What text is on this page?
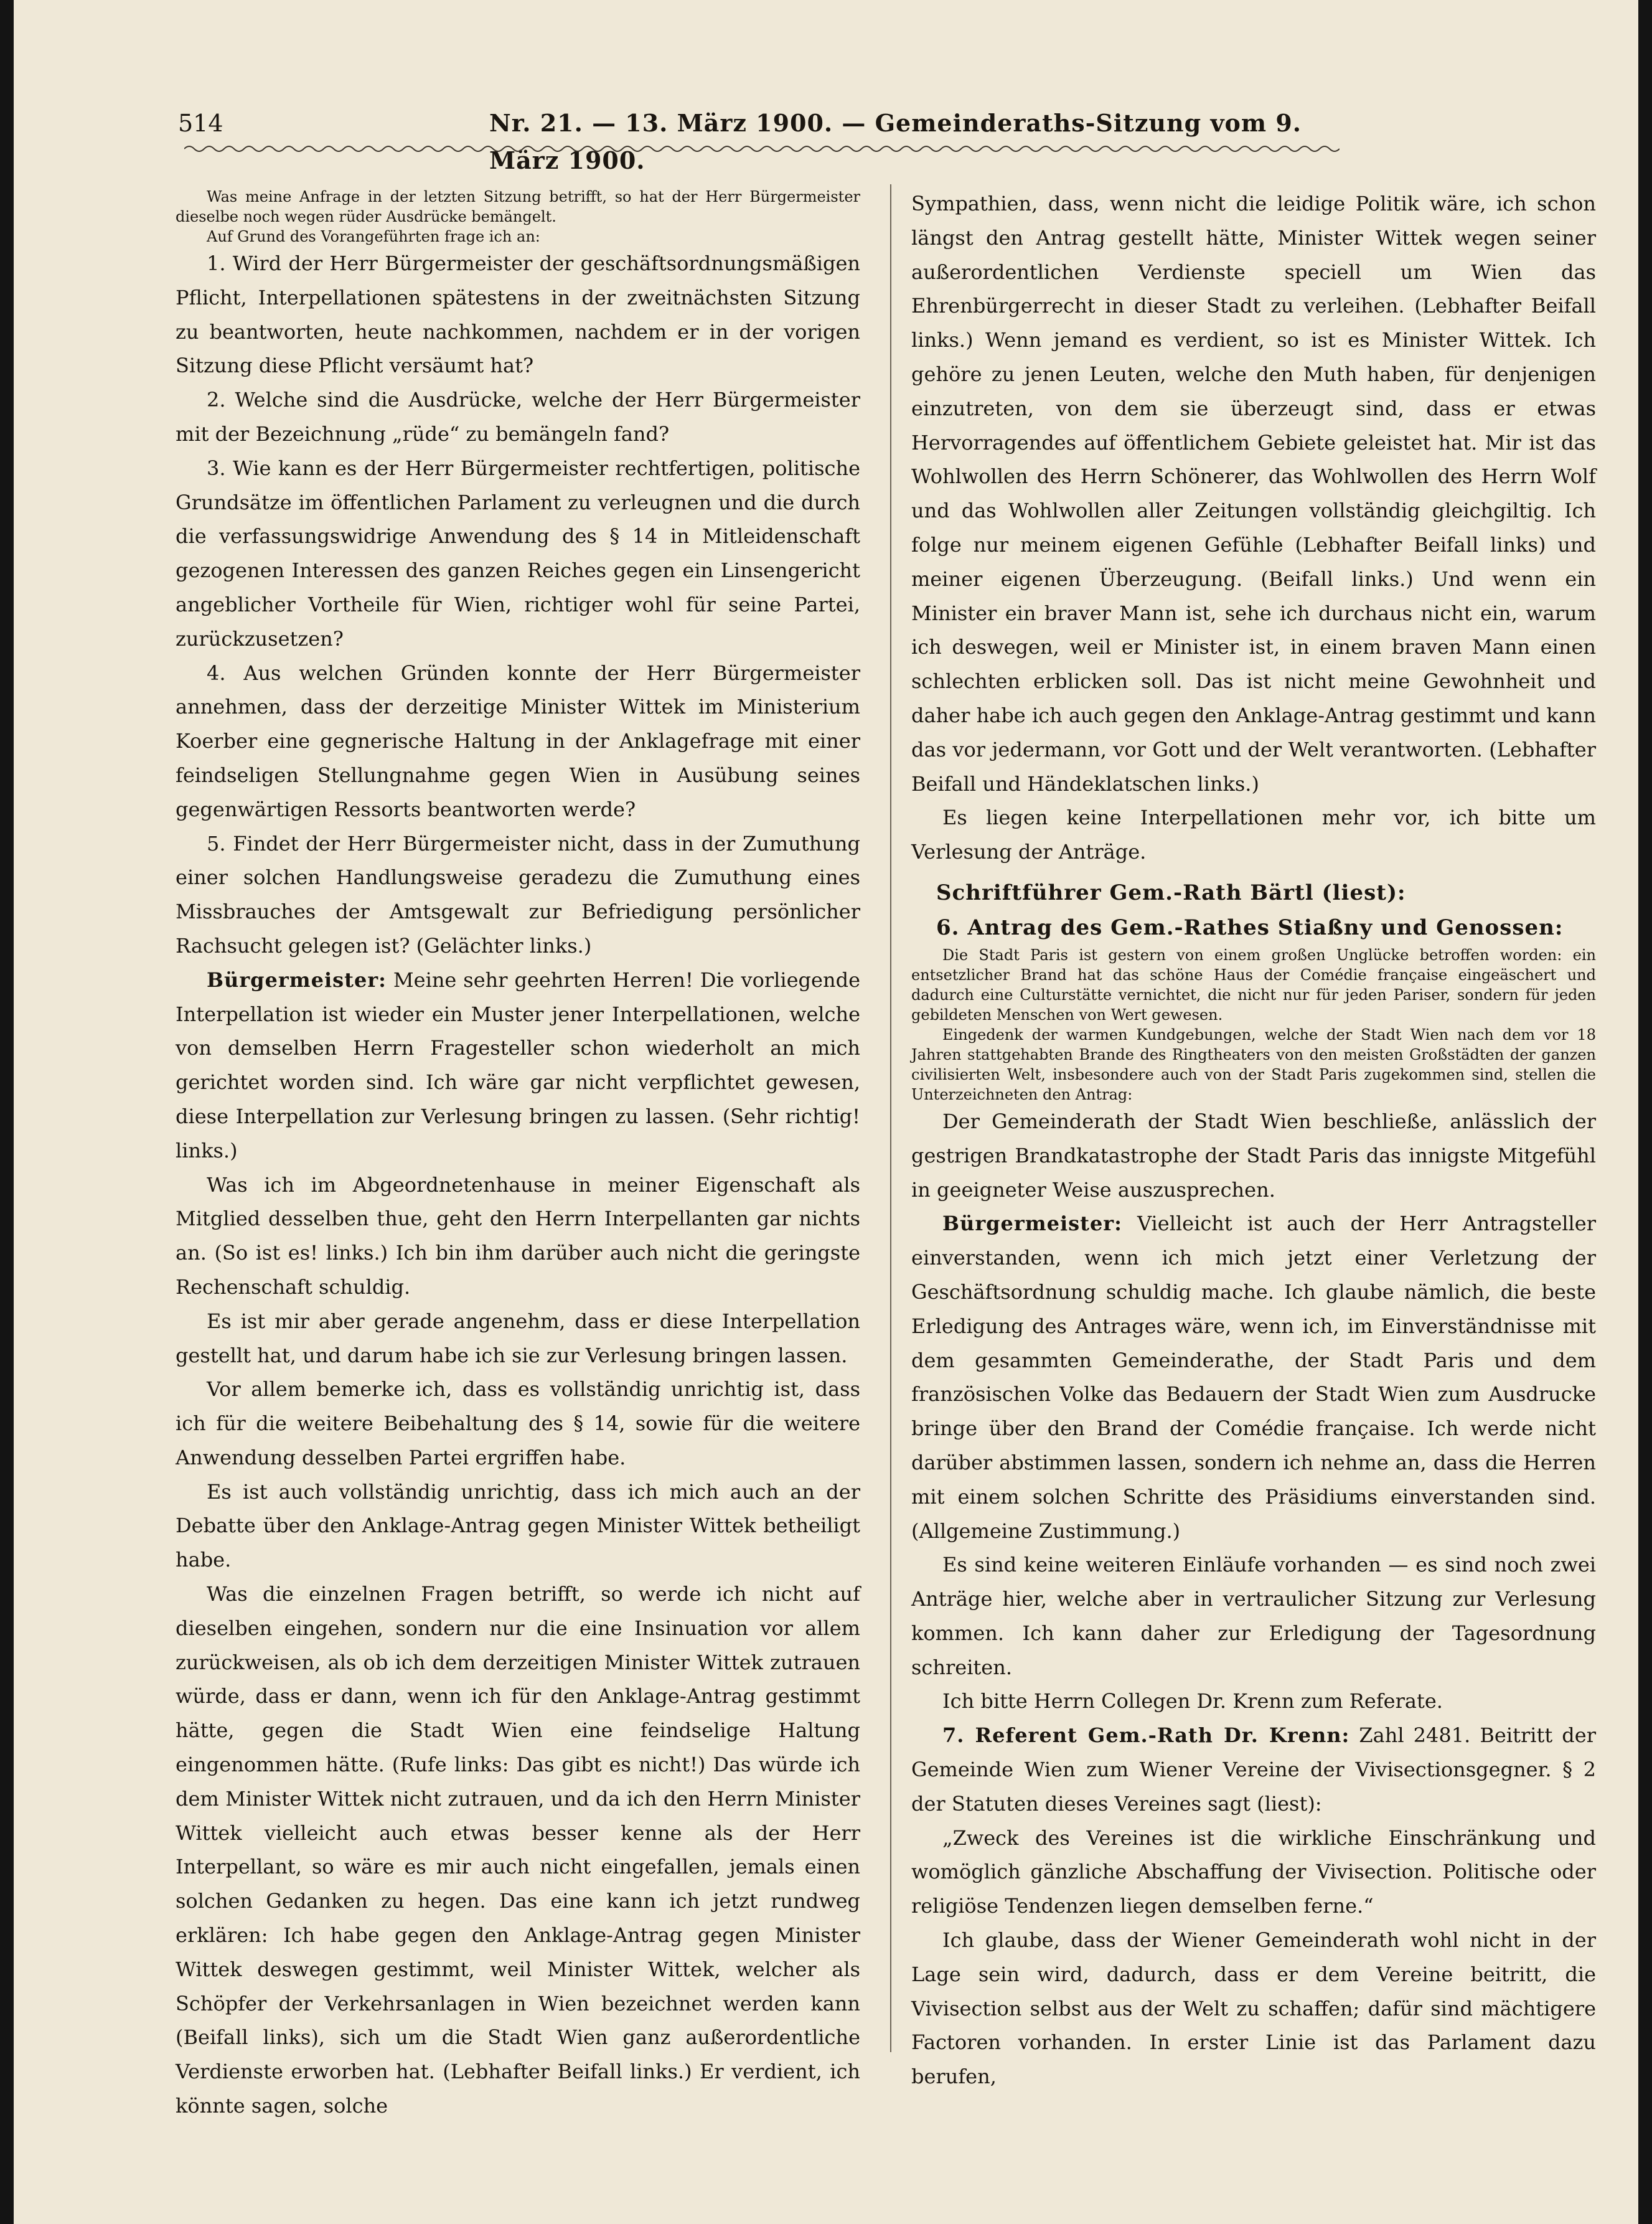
514	Nr. 21. — 13. März 1900. — Gemeinderaths-Sitzung vom 9. März 1900.

Was meine Anfrage in der letzten Sitzung betrifft, so hat der Herr Bürgermeister dieselbe noch wegen rüder Ausdrücke bemängelt.

Auf Grund des Vorangeführten frage ich an:

1. Wird der Herr Bürgermeister der geschäftsordnungsmäßigen Pflicht, Interpellationen spätestens in der zweitnächsten Sitzung zu beantworten, heute nachkommen, nachdem er in der vorigen Sitzung diese Pflicht versäumt hat?

2. Welche sind die Ausdrücke, welche der Herr Bürgermeister mit der Bezeichnung „rüde“ zu bemängeln fand?

3. Wie kann es der Herr Bürgermeister rechtfertigen, politische Grundsätze im öffentlichen Parlament zu verleugnen und die durch die verfassungswidrige Anwendung des § 14 in Mitleidenschaft gezogenen Interessen des ganzen Reiches gegen ein Linsengericht angeblicher Vortheile für Wien, richtiger wohl für seine Partei, zurückzusetzen?

4. Aus welchen Gründen konnte der Herr Bürgermeister annehmen, dass der derzeitige Minister Wittek im Ministerium Koerber eine gegnerische Haltung in der Anklagefrage mit einer feindseligen Stellungnahme gegen Wien in Ausübung seines gegenwärtigen Ressorts beantworten werde?

5. Findet der Herr Bürgermeister nicht, dass in der Zumuthung einer solchen Handlungsweise geradezu die Zumuthung eines Missbrauches der Amtsgewalt zur Befriedigung persönlicher Rachsucht gelegen ist? (Gelächter links.)

Bürgermeister: Meine sehr geehrten Herren! Die vorliegende Interpellation ist wieder ein Muster jener Interpellationen, welche von demselben Herrn Fragesteller schon wiederholt an mich gerichtet worden sind. Ich wäre gar nicht verpflichtet gewesen, diese Interpellation zur Verlesung bringen zu lassen. (Sehr richtig! links.)

Was ich im Abgeordnetenhause in meiner Eigenschaft als Mitglied desselben thue, geht den Herrn Interpellanten gar nichts an. (So ist es! links.) Ich bin ihm darüber auch nicht die geringste Rechenschaft schuldig.

Es ist mir aber gerade angenehm, dass er diese Interpellation gestellt hat, und darum habe ich sie zur Verlesung bringen lassen.

Vor allem bemerke ich, dass es vollständig unrichtig ist, dass ich für die weitere Beibehaltung des § 14, sowie für die weitere Anwendung desselben Partei ergriffen habe.

Es ist auch vollständig unrichtig, dass ich mich auch an der Debatte über den Anklage-Antrag gegen Minister Wittek betheiligt habe.

Was die einzelnen Fragen betrifft, so werde ich nicht auf dieselben eingehen, sondern nur die eine Insinuation vor allem zurückweisen, als ob ich dem derzeitigen Minister Wittek zutrauen würde, dass er dann, wenn ich für den Anklage-Antrag gestimmt hätte, gegen die Stadt Wien eine feindselige Haltung eingenommen hätte. (Rufe links: Das gibt es nicht!) Das würde ich dem Minister Wittek nicht zutrauen, und da ich den Herrn Minister Wittek vielleicht auch etwas besser kenne als der Herr Interpellant, so wäre es mir auch nicht eingefallen, jemals einen solchen Gedanken zu hegen. Das eine kann ich jetzt rundweg erklären: Ich habe gegen den Anklage-Antrag gegen Minister Wittek deswegen gestimmt, weil Minister Wittek, welcher als Schöpfer der Verkehrsanlagen in Wien bezeichnet werden kann (Beifall links), sich um die Stadt Wien ganz außerordentliche Verdienste erworben hat. (Lebhafter Beifall links.) Er verdient, ich könnte sagen, solche

Sympathien, dass, wenn nicht die leidige Politik wäre, ich schon längst den Antrag gestellt hätte, Minister Wittek wegen seiner außerordentlichen Verdienste speciell um Wien das Ehrenbürgerrecht in dieser Stadt zu verleihen. (Lebhafter Beifall links.) Wenn jemand es verdient, so ist es Minister Wittek. Ich gehöre zu jenen Leuten, welche den Muth haben, für denjenigen einzutreten, von dem sie überzeugt sind, dass er etwas Hervorragendes auf öffentlichem Gebiete geleistet hat. Mir ist das Wohlwollen des Herrn Schönerer, das Wohlwollen des Herrn Wolf und das Wohlwollen aller Zeitungen vollständig gleichgiltig. Ich folge nur meinem eigenen Gefühle (Lebhafter Beifall links) und meiner eigenen Überzeugung. (Beifall links.) Und wenn ein Minister ein braver Mann ist, sehe ich durchaus nicht ein, warum ich deswegen, weil er Minister ist, in einem braven Mann einen schlechten erblicken soll. Das ist nicht meine Gewohnheit und daher habe ich auch gegen den Anklage-Antrag gestimmt und kann das vor jedermann, vor Gott und der Welt verantworten. (Lebhafter Beifall und Händeklatschen links.)

Es liegen keine Interpellationen mehr vor, ich bitte um Verlesung der Anträge.

Schriftführer Gem.-Rath Bärtl (liest):

6. Antrag des Gem.-Rathes Stiaßny und Genossen:

Die Stadt Paris ist gestern von einem großen Unglücke betroffen worden: ein entsetzlicher Brand hat das schöne Haus der Comédie française eingeäschert und dadurch eine Culturstätte vernichtet, die nicht nur für jeden Pariser, sondern für jeden gebildeten Menschen von Wert gewesen.

Eingedenk der warmen Kundgebungen, welche der Stadt Wien nach dem vor 18 Jahren stattgehabten Brande des Ringtheaters von den meisten Großstädten der ganzen civilisierten Welt, insbesondere auch von der Stadt Paris zugekommen sind, stellen die Unterzeichneten den Antrag:

Der Gemeinderath der Stadt Wien beschließe, anlässlich der gestrigen Brandkatastrophe der Stadt Paris das innigste Mitgefühl in geeigneter Weise auszusprechen.

Bürgermeister: Vielleicht ist auch der Herr Antragsteller einverstanden, wenn ich mich jetzt einer Verletzung der Geschäftsordnung schuldig mache. Ich glaube nämlich, die beste Erledigung des Antrages wäre, wenn ich, im Einverständnisse mit dem gesammten Gemeinderathe, der Stadt Paris und dem französischen Volke das Bedauern der Stadt Wien zum Ausdrucke bringe über den Brand der Comédie française. Ich werde nicht darüber abstimmen lassen, sondern ich nehme an, dass die Herren mit einem solchen Schritte des Präsidiums einverstanden sind. (Allgemeine Zustimmung.)

Es sind keine weiteren Einläufe vorhanden — es sind noch zwei Anträge hier, welche aber in vertraulicher Sitzung zur Verlesung kommen. Ich kann daher zur Erledigung der Tagesordnung schreiten.

Ich bitte Herrn Collegen Dr. Krenn zum Referate.

7. Referent Gem.-Rath Dr. Krenn: Zahl 2481. Beitritt der Gemeinde Wien zum Wiener Vereine der Vivisectionsgegner. § 2 der Statuten dieses Vereines sagt (liest):

„Zweck des Vereines ist die wirkliche Einschränkung und womöglich gänzliche Abschaffung der Vivisection. Politische oder religiöse Tendenzen liegen demselben ferne.“

Ich glaube, dass der Wiener Gemeinderath wohl nicht in der Lage sein wird, dadurch, dass er dem Vereine beitritt, die Vivisection selbst aus der Welt zu schaffen; dafür sind mächtigere Factoren vorhanden. In erster Linie ist das Parlament dazu berufen,
